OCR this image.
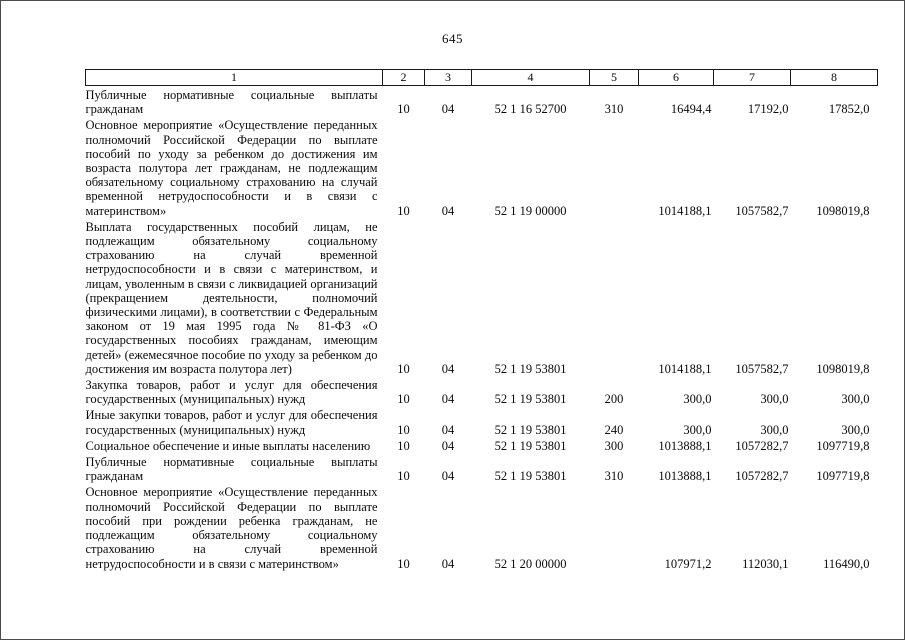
645
1	2	3	4	5	6	7	8
Публичные нормативные социальные выплаты гражданам	10	04	52 1 16 52700	310	16494,4	17192,0	17852,0
Основное мероприятие «Осуществление переданных полномочий Российской Федерации по выплате пособий по уходу за ребенком до достижения им возраста полутора лет гражданам, не подлежащим обязательному социальному страхованию на случай временной нетрудоспособности и в связи с материнством»	10	04	52 1 19 00000		1014188,1	1057582,7	1098019,8
Выплата государственных пособий лицам, не подлежащим обязательному социальному страхованию на случай временной нетрудоспособности и в связи с материнством, и лицам, уволенным в связи с ликвидацией организаций (прекращением деятельности, полномочий физическими лицами), в соответствии с Федеральным законом от 19 мая 1995 года № 81-ФЗ «О государственных пособиях гражданам, имеющим детей» (ежемесячное пособие по уходу за ребенком до достижения им возраста полутора лет)	10	04	52 1 19 53801		1014188,1	1057582,7	1098019,8
Закупка товаров, работ и услуг для обеспечения государственных (муниципальных) нужд	10	04	52 1 19 53801	200	300,0	300,0	300,0
Иные закупки товаров, работ и услуг для обеспечения государственных (муниципальных) нужд	10	04	52 1 19 53801	240	300,0	300,0	300,0
Социальное обеспечение и иные выплаты населению	10	04	52 1 19 53801	300	1013888,1	1057282,7	1097719,8
Публичные нормативные социальные выплаты гражданам	10	04	52 1 19 53801	310	1013888,1	1057282,7	1097719,8
Основное мероприятие «Осуществление переданных полномочий Российской Федерации по выплате пособий при рождении ребенка гражданам, не подлежащим обязательному социальному страхованию на случай временной нетрудоспособности и в связи с материнством»	10	04	52 1 20 00000		107971,2	112030,1	116490,0
